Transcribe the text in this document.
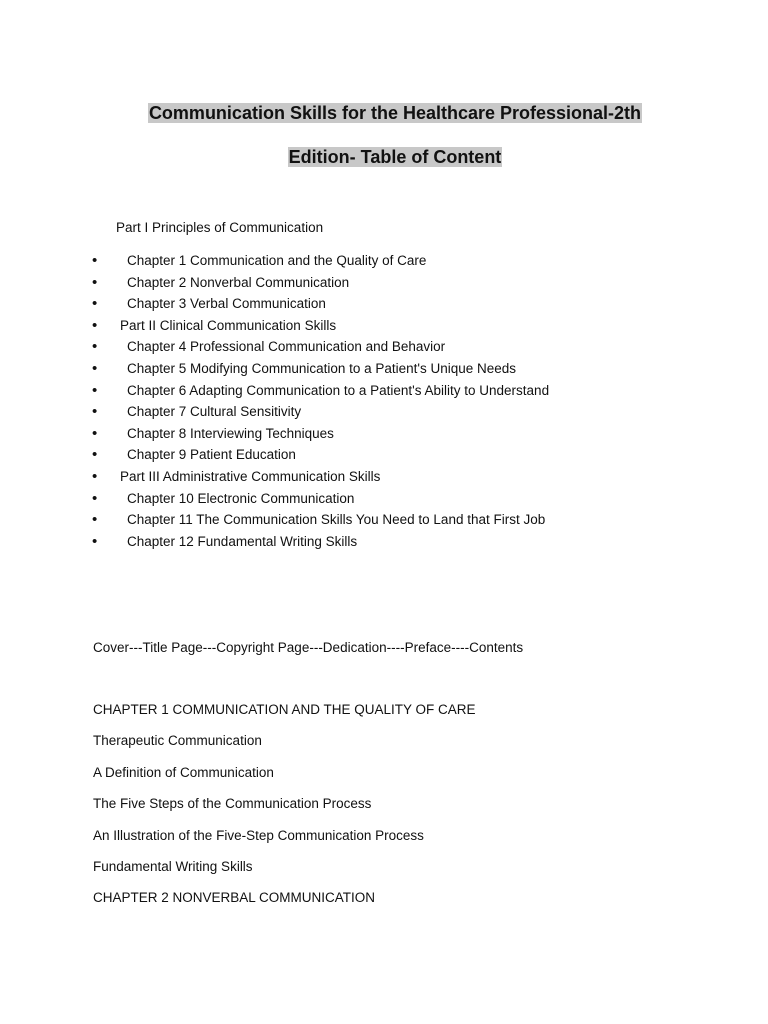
Communication Skills for the Healthcare Professional-2th
Edition- Table of Content

Part I Principles of Communication

• Chapter 1 Communication and the Quality of Care
• Chapter 2 Nonverbal Communication
• Chapter 3 Verbal Communication
• Part II Clinical Communication Skills
• Chapter 4 Professional Communication and Behavior
• Chapter 5 Modifying Communication to a Patient's Unique Needs
• Chapter 6 Adapting Communication to a Patient's Ability to Understand
• Chapter 7 Cultural Sensitivity
• Chapter 8 Interviewing Techniques
• Chapter 9 Patient Education
• Part III Administrative Communication Skills
• Chapter 10 Electronic Communication
• Chapter 11 The Communication Skills You Need to Land that First Job
• Chapter 12 Fundamental Writing Skills

Cover---Title Page---Copyright Page---Dedication----Preface----Contents

CHAPTER 1 COMMUNICATION AND THE QUALITY OF CARE

Therapeutic Communication

A Definition of Communication

The Five Steps of the Communication Process

An Illustration of the Five-Step Communication Process

Fundamental Writing Skills

CHAPTER 2 NONVERBAL COMMUNICATION
